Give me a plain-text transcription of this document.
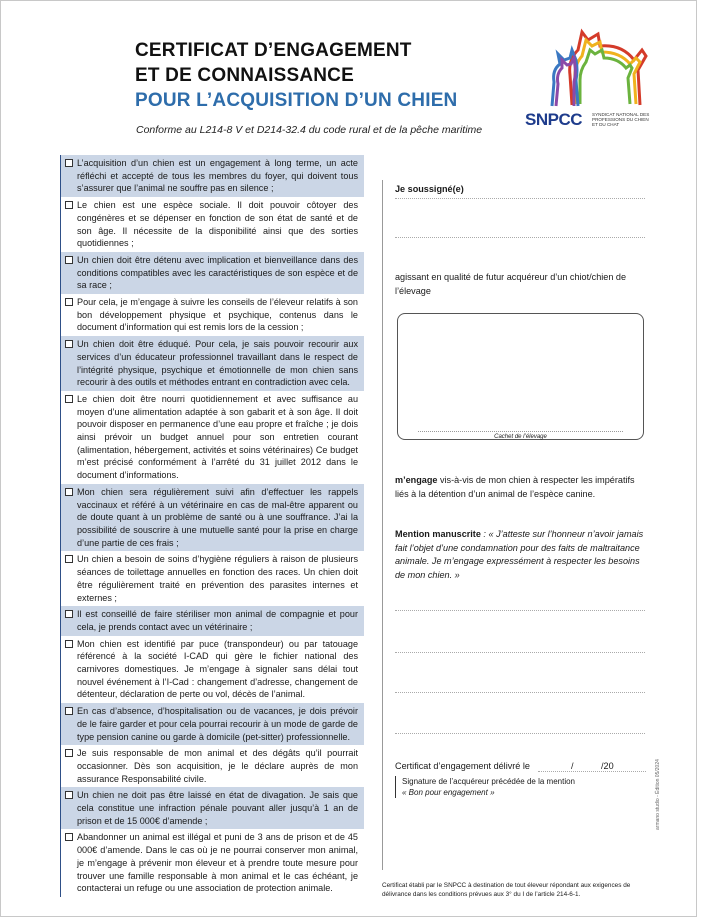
CERTIFICAT D’ENGAGEMENT
ET DE CONNAISSANCE
POUR L’ACQUISITION D’UN CHIEN
Conforme au L214-8 V et D214-32.4 du code rural et de la pêche maritime
SNPCC SYNDICAT NATIONAL DES PROFESSIONS DU CHIEN ET DU CHAT
L’acquisition d’un chien est un engagement à long terme, un acte réfléchi et accepté de tous les membres du foyer, qui doivent tous s’assurer que l’animal ne souffre pas en silence ;
Le chien est une espèce sociale. Il doit pouvoir côtoyer des congénères et se dépenser en fonction de son état de santé et de son âge. Il nécessite de la disponibilité ainsi que des sorties quotidiennes ;
Un chien doit être détenu avec implication et bienveillance dans des conditions compatibles avec les caractéristiques de son espèce et de sa race ;
Pour cela, je m’engage à suivre les conseils de l’éleveur relatifs à son bon développement physique et psychique, contenus dans le document d’information qui est remis lors de la cession ;
Un chien doit être éduqué. Pour cela, je sais pouvoir recourir aux services d’un éducateur professionnel travaillant dans le respect de l’intégrité physique, psychique et émotionnelle de mon chien sans recourir à des outils et méthodes entrant en contradiction avec cela.
Le chien doit être nourri quotidiennement et avec suffisance au moyen d’une alimentation adaptée à son gabarit et à son âge. Il doit pouvoir disposer en permanence d’une eau propre et fraîche ; je dois ainsi prévoir un budget annuel pour son entretien courant (alimentation, hébergement, activités et soins vétérinaires) Ce budget m’est précisé conformément à l’arrêté du 31 juillet 2012 dans le document d’informations.
Mon chien sera régulièrement suivi afin d’effectuer les rappels vaccinaux et référé à un vétérinaire en cas de mal-être apparent ou de doute quant à un problème de santé ou à une souffrance. J’ai la possibilité de souscrire à une mutuelle santé pour la prise en charge d’une partie de ces frais ;
Un chien a besoin de soins d’hygiène réguliers à raison de plusieurs séances de toilettage annuelles en fonction des races. Un chien doit être régulièrement traité en prévention des parasites internes et externes ;
Il est conseillé de faire stériliser mon animal de compagnie et pour cela, je prends contact avec un vétérinaire ;
Mon chien est identifié par puce (transpondeur) ou par tatouage référencé à la société I-CAD qui gère le fichier national des carnivores domestiques. Je m’engage à signaler sans délai tout nouvel événement à l’I-Cad : changement d’adresse, changement de détenteur, déclaration de perte ou vol, décès de l’animal.
En cas d’absence, d’hospitalisation ou de vacances, je dois prévoir de le faire garder et pour cela pourrai recourir à un mode de garde de type pension canine ou garde à domicile (pet-sitter) professionnelle.
Je suis responsable de mon animal et des dégâts qu’il pourrait occasionner. Dès son acquisition, je le déclare auprès de mon assurance Responsabilité civile.
Un chien ne doit pas être laissé en état de divagation. Je sais que cela constitue une infraction pénale pouvant aller jusqu’à 1 an de prison et de 15 000€ d’amende ;
Abandonner un animal est illégal et puni de 3 ans de prison et de 45 000€ d’amende. Dans le cas où je ne pourrai conserver mon animal, je m’engage à prévenir mon éleveur et à prendre toute mesure pour trouver une famille responsable à mon animal et le cas échéant, je contacterai un refuge ou une association de protection animale.
Je soussigné(e)
agissant en qualité de futur acquéreur d’un chiot/chien de l’élevage
Cachet de l’élevage
m’engage vis-à-vis de mon chien à respecter les impératifs liés à la détention d’un animal de l’espèce canine.
Mention manuscrite : « J’atteste sur l’honneur n’avoir jamais fait l’objet d’une condamnation pour des faits de maltraitance animale. Je m’engage expressément à respecter les besoins de mon chien. »
Certificat d’engagement délivré le	/	/20
Signature de l’acquéreur précédée de la mention
« Bon pour engagement »
Certificat établi par le SNPCC à destination de tout éleveur répondant aux exigences de délivrance dans les conditions prévues aux 3° du I de l’article 214-6-1.
armano studio - Édition 05/2024
